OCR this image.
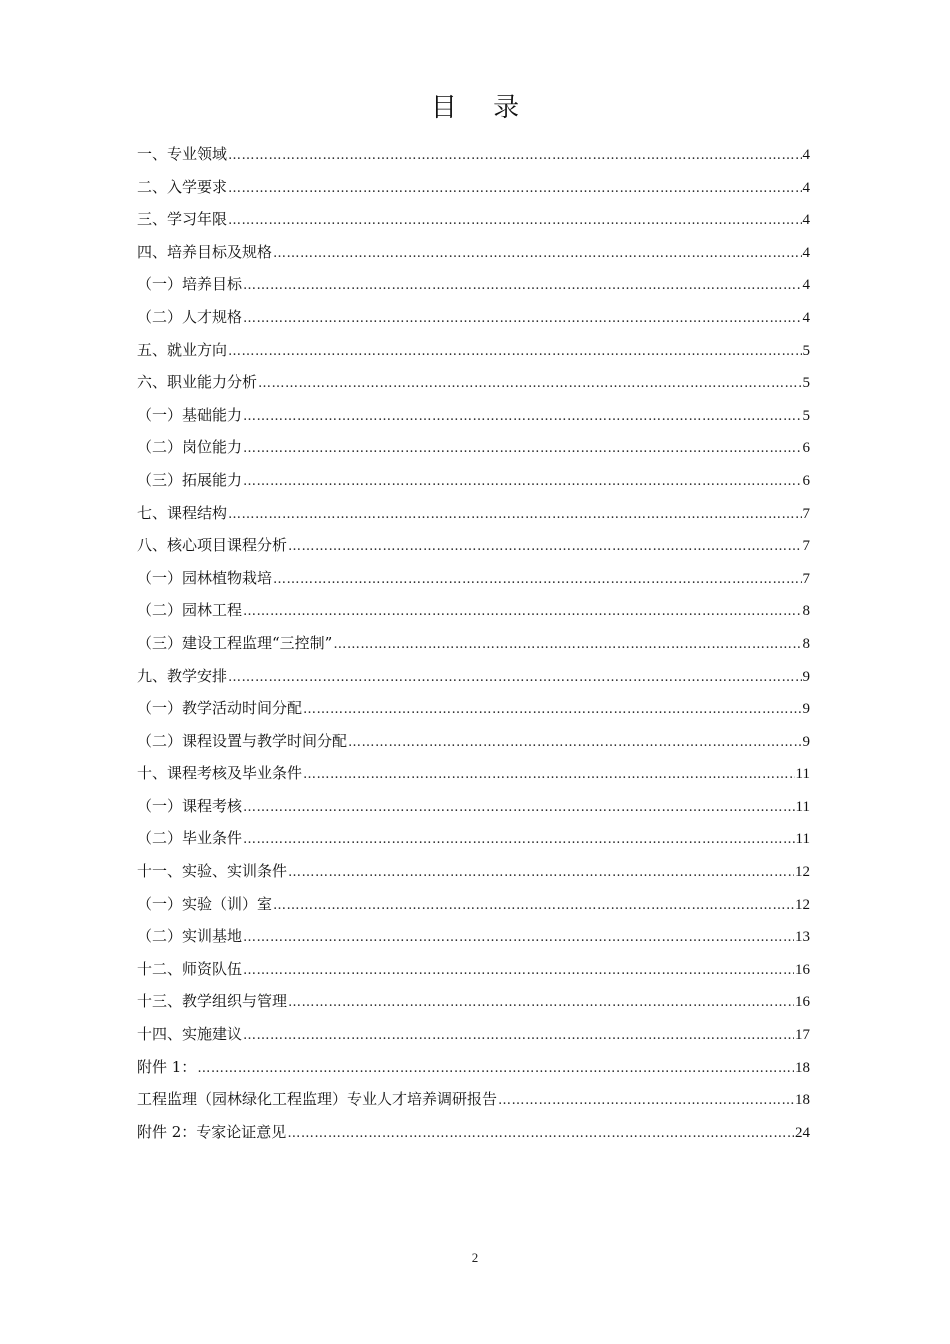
目 录
一、专业领域 ……………………………………………………………………………………………………………………………………………………………………………………………………	4
二、入学要求 ……………………………………………………………………………………………………………………………………………………………………………………………………	4
三、学习年限 ……………………………………………………………………………………………………………………………………………………………………………………………………	4
四、培养目标及规格 ……………………………………………………………………………………………………………………………………………………………………………………………………	4
（一）培养目标 ……………………………………………………………………………………………………………………………………………………………………………………………………	4
（二）人才规格 ……………………………………………………………………………………………………………………………………………………………………………………………………	4
五、就业方向 ……………………………………………………………………………………………………………………………………………………………………………………………………	5
六、职业能力分析 ……………………………………………………………………………………………………………………………………………………………………………………………………	5
（一）基础能力 ……………………………………………………………………………………………………………………………………………………………………………………………………	5
（二）岗位能力 ……………………………………………………………………………………………………………………………………………………………………………………………………	6
（三）拓展能力 ……………………………………………………………………………………………………………………………………………………………………………………………………	6
七、课程结构 ……………………………………………………………………………………………………………………………………………………………………………………………………	7
八、核心项目课程分析 ……………………………………………………………………………………………………………………………………………………………………………………………………	7
（一）园林植物栽培 ……………………………………………………………………………………………………………………………………………………………………………………………………	7
（二）园林工程 ……………………………………………………………………………………………………………………………………………………………………………………………………	8
（三）建设工程监理“三控制” ……………………………………………………………………………………………………………………………………………………………………………………………………	8
九、教学安排 ……………………………………………………………………………………………………………………………………………………………………………………………………	9
（一）教学活动时间分配 ……………………………………………………………………………………………………………………………………………………………………………………………………	9
（二）课程设置与教学时间分配 ……………………………………………………………………………………………………………………………………………………………………………………………………	9
十、课程考核及毕业条件 ……………………………………………………………………………………………………………………………………………………………………………………………………	11
（一）课程考核 ……………………………………………………………………………………………………………………………………………………………………………………………………	11
（二）毕业条件 ……………………………………………………………………………………………………………………………………………………………………………………………………	11
十一、实验、实训条件 ……………………………………………………………………………………………………………………………………………………………………………………………………	12
（一）实验（训）室 ……………………………………………………………………………………………………………………………………………………………………………………………………	12
（二）实训基地 ……………………………………………………………………………………………………………………………………………………………………………………………………	13
十二、师资队伍 ……………………………………………………………………………………………………………………………………………………………………………………………………	16
十三、教学组织与管理 ……………………………………………………………………………………………………………………………………………………………………………………………………	16
十四、实施建议 ……………………………………………………………………………………………………………………………………………………………………………………………………	17
附件 1： ……………………………………………………………………………………………………………………………………………………………………………………………………	18
工程监理（园林绿化工程监理）专业人才培养调研报告 ……………………………………………………………………………………………………………………………………………………………………………………………………	18
附件 2：专家论证意见 ……………………………………………………………………………………………………………………………………………………………………………………………………	24
2
